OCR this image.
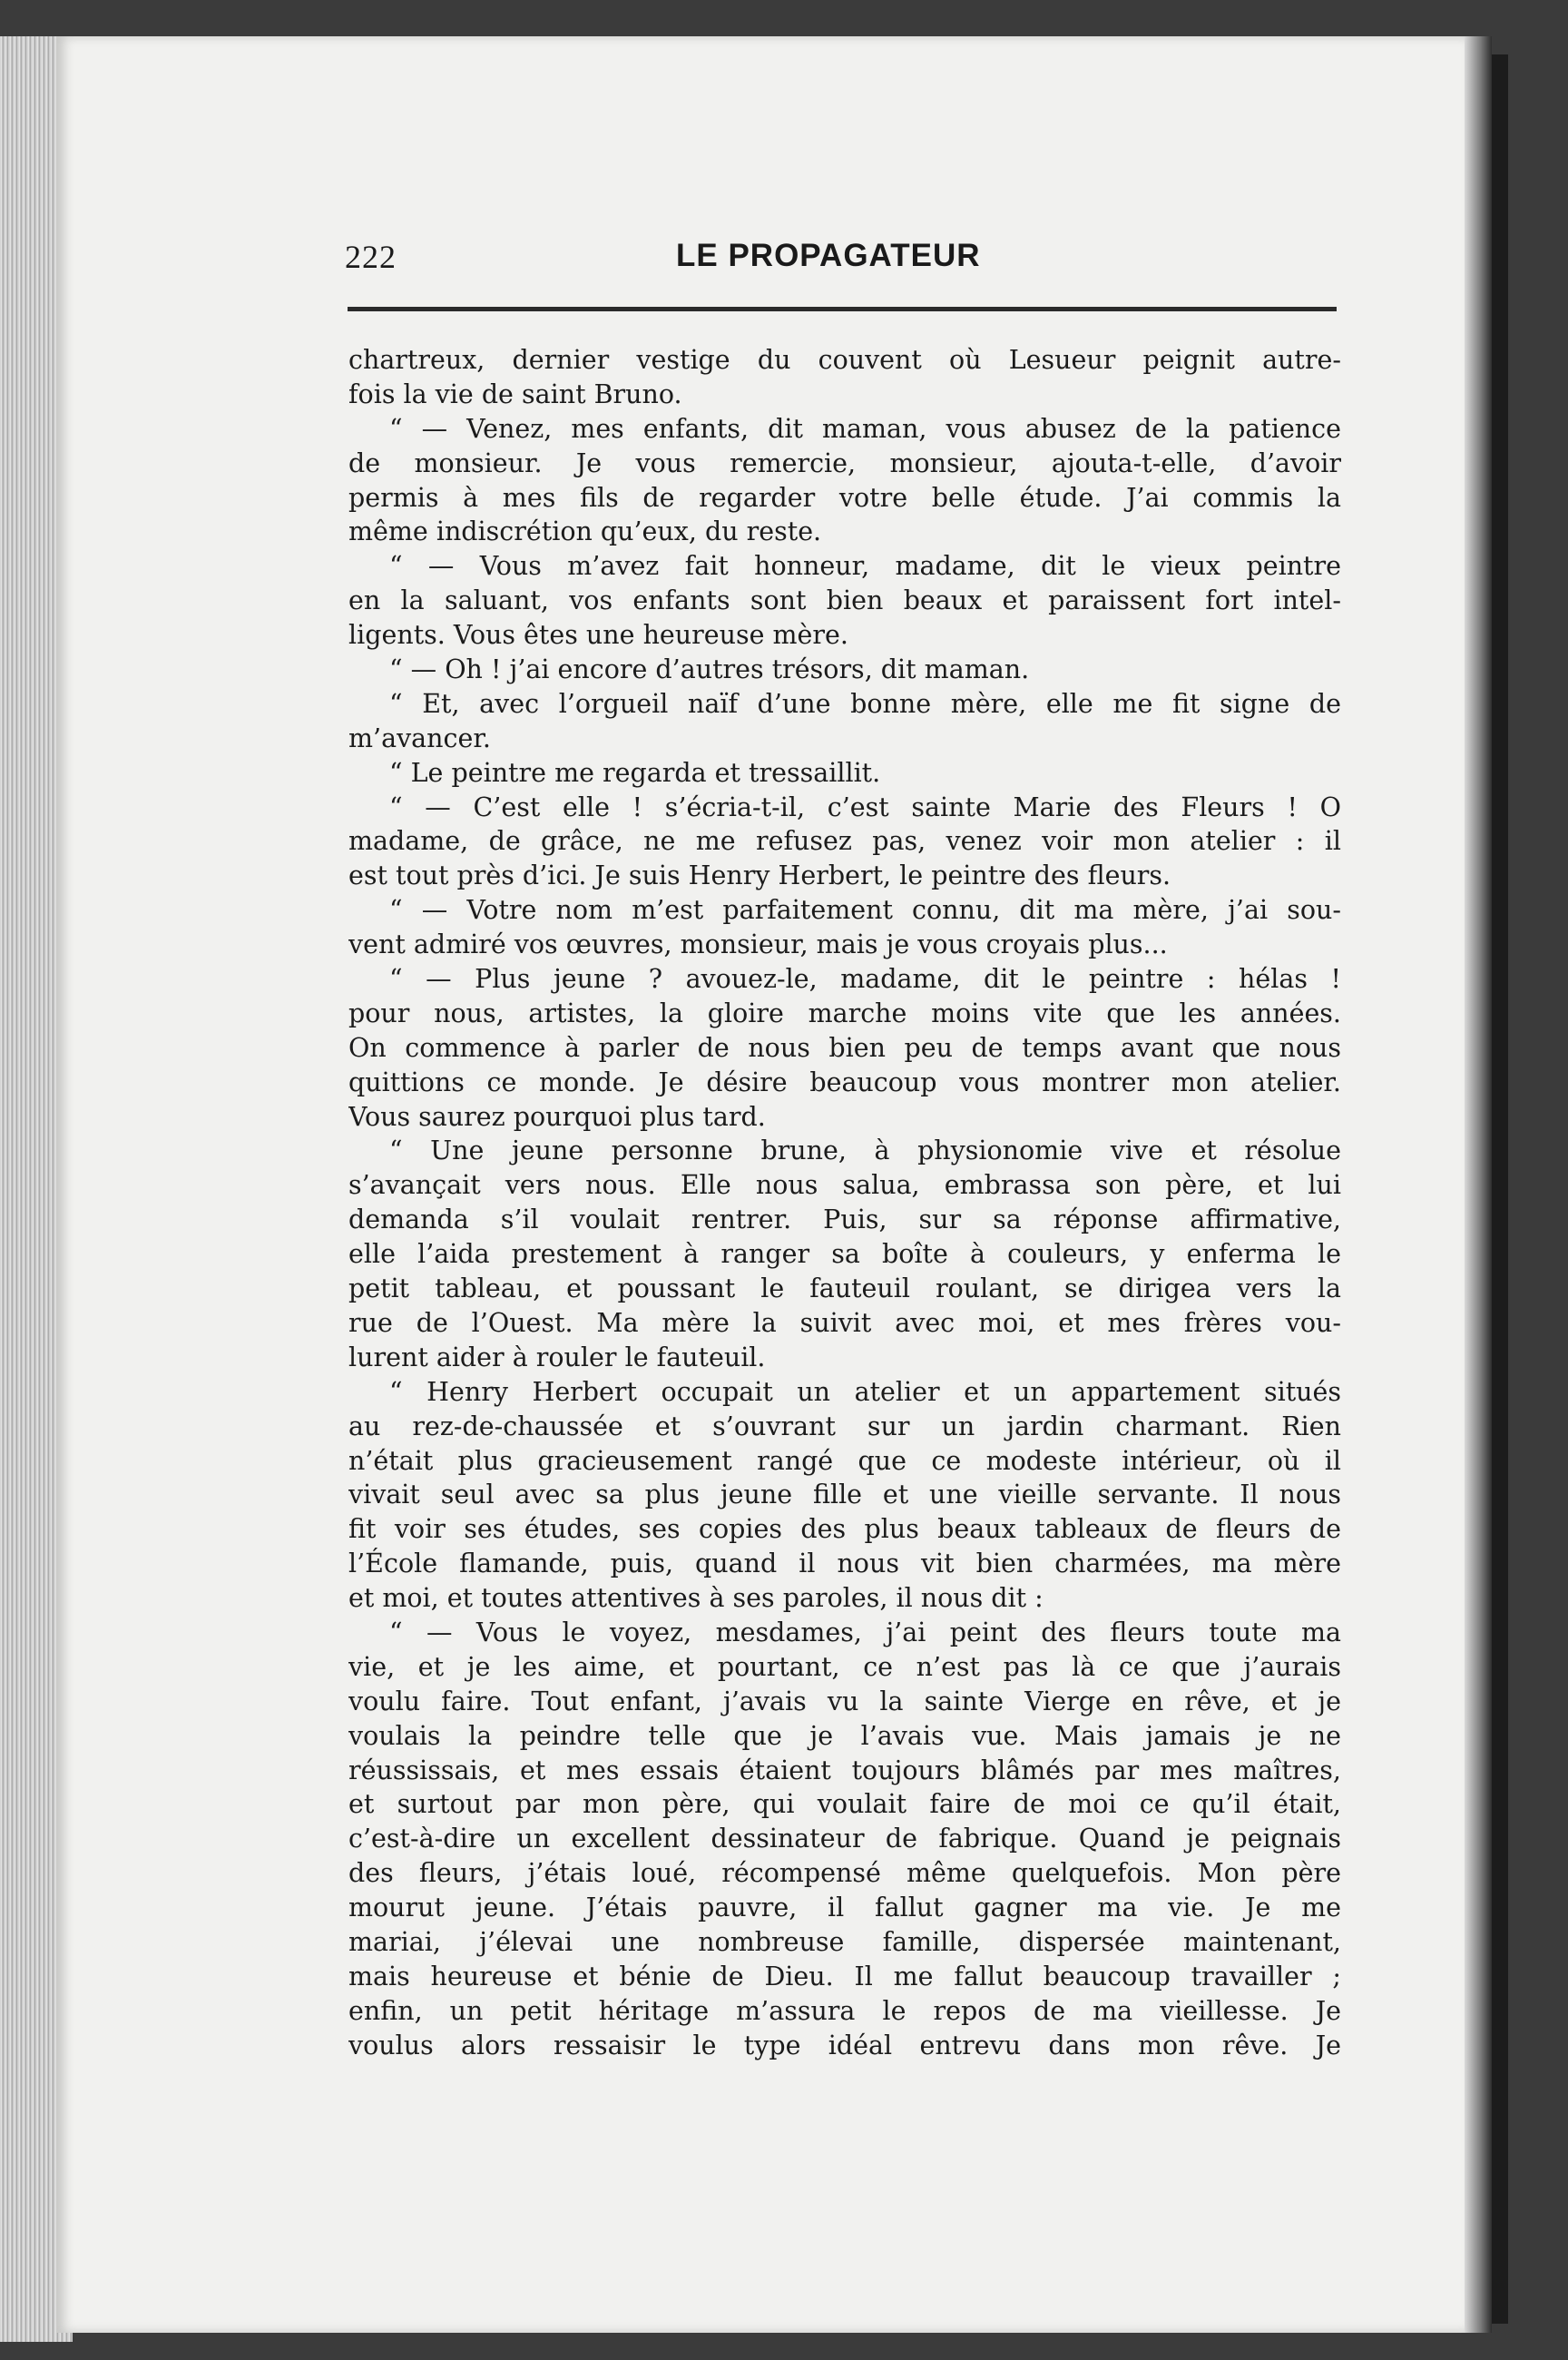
222	LE PROPAGATEUR
chartreux, dernier vestige du couvent où Lesueur peignit autre-
fois la vie de saint Bruno.
“ — Venez, mes enfants, dit maman, vous abusez de la patience
de monsieur. Je vous remercie, monsieur, ajouta-t-elle, d’avoir
permis à mes fils de regarder votre belle étude. J’ai commis la
même indiscrétion qu’eux, du reste.
“ — Vous m’avez fait honneur, madame, dit le vieux peintre
en la saluant, vos enfants sont bien beaux et paraissent fort intel-
ligents. Vous êtes une heureuse mère.
“ — Oh ! j’ai encore d’autres trésors, dit maman.
“ Et, avec l’orgueil naïf d’une bonne mère, elle me fit signe de
m’avancer.
“ Le peintre me regarda et tressaillit.
“ — C’est elle ! s’écria-t-il, c’est sainte Marie des Fleurs ! O
madame, de grâce, ne me refusez pas, venez voir mon atelier : il
est tout près d’ici. Je suis Henry Herbert, le peintre des fleurs.
“ — Votre nom m’est parfaitement connu, dit ma mère, j’ai sou-
vent admiré vos œuvres, monsieur, mais je vous croyais plus...
“ — Plus jeune ? avouez-le, madame, dit le peintre : hélas !
pour nous, artistes, la gloire marche moins vite que les années.
On commence à parler de nous bien peu de temps avant que nous
quittions ce monde. Je désire beaucoup vous montrer mon atelier.
Vous saurez pourquoi plus tard.
“ Une jeune personne brune, à physionomie vive et résolue
s’avançait vers nous. Elle nous salua, embrassa son père, et lui
demanda s’il voulait rentrer. Puis, sur sa réponse affirmative,
elle l’aida prestement à ranger sa boîte à couleurs, y enferma le
petit tableau, et poussant le fauteuil roulant, se dirigea vers la
rue de l’Ouest. Ma mère la suivit avec moi, et mes frères vou-
lurent aider à rouler le fauteuil.
“ Henry Herbert occupait un atelier et un appartement situés
au rez-de-chaussée et s’ouvrant sur un jardin charmant. Rien
n’était plus gracieusement rangé que ce modeste intérieur, où il
vivait seul avec sa plus jeune fille et une vieille servante. Il nous
fit voir ses études, ses copies des plus beaux tableaux de fleurs de
l’École flamande, puis, quand il nous vit bien charmées, ma mère
et moi, et toutes attentives à ses paroles, il nous dit :
“ — Vous le voyez, mesdames, j’ai peint des fleurs toute ma
vie, et je les aime, et pourtant, ce n’est pas là ce que j’aurais
voulu faire. Tout enfant, j’avais vu la sainte Vierge en rêve, et je
voulais la peindre telle que je l’avais vue. Mais jamais je ne
réussissais, et mes essais étaient toujours blâmés par mes maîtres,
et surtout par mon père, qui voulait faire de moi ce qu’il était,
c’est-à-dire un excellent dessinateur de fabrique. Quand je peignais
des fleurs, j’étais loué, récompensé même quelquefois. Mon père
mourut jeune. J’étais pauvre, il fallut gagner ma vie. Je me
mariai, j’élevai une nombreuse famille, dispersée maintenant,
mais heureuse et bénie de Dieu. Il me fallut beaucoup travailler ;
enfin, un petit héritage m’assura le repos de ma vieillesse. Je
voulus alors ressaisir le type idéal entrevu dans mon rêve. Je
